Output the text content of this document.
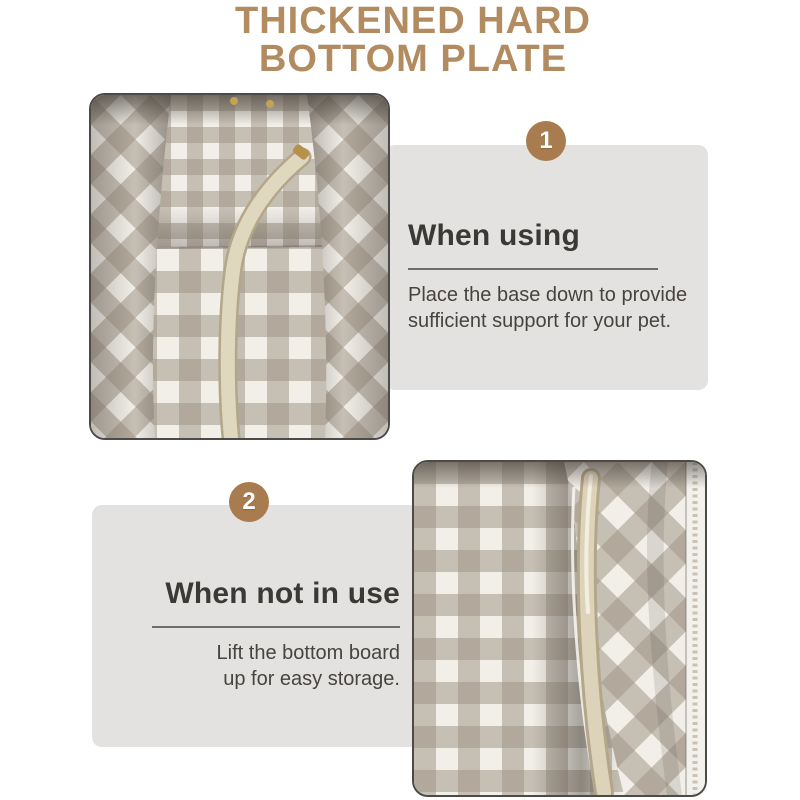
THICKENED HARD
BOTTOM PLATE
When using
Place the base down to provide
sufficient support for your pet.
When not in use
Lift the bottom board
up for easy storage.
1
2
